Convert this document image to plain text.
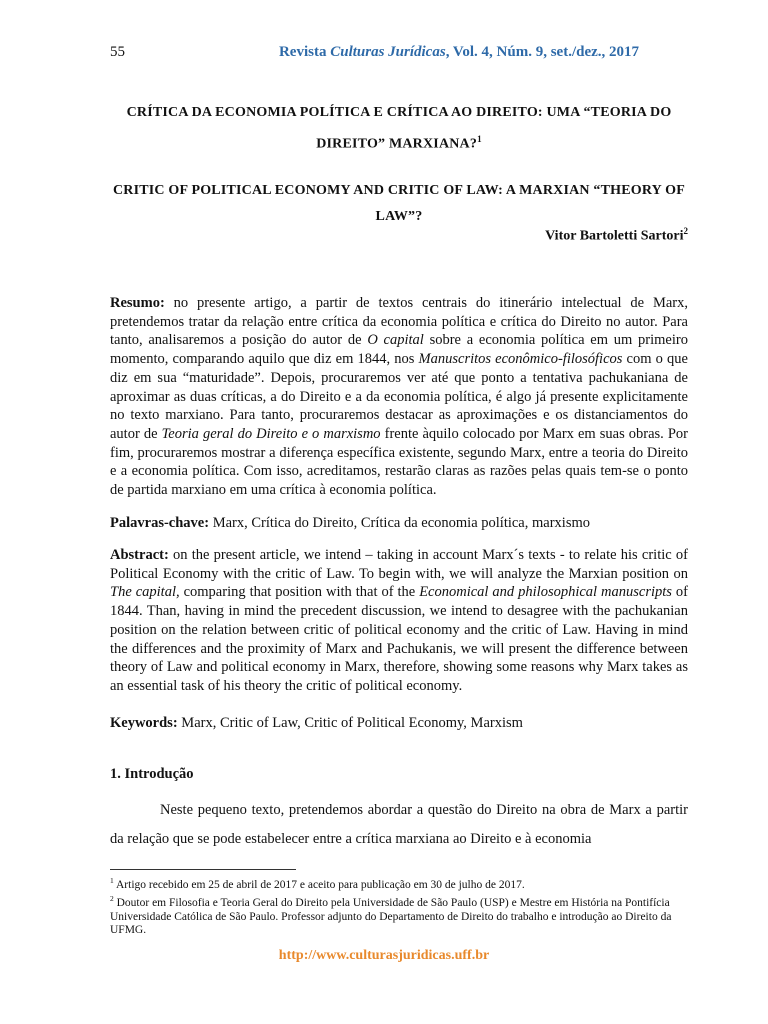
55	Revista Culturas Jurídicas, Vol. 4, Núm. 9, set./dez., 2017
CRÍTICA DA ECONOMIA POLÍTICA E CRÍTICA AO DIREITO: UMA “TEORIA DO DIREITO” MARXIANA?$^1$
CRITIC OF POLITICAL ECONOMY AND CRITIC OF LAW: A MARXIAN “THEORY OF LAW”?
Vitor Bartoletti Sartori$^2$
Resumo: no presente artigo, a partir de textos centrais do itinerário intelectual de Marx, pretendemos tratar da relação entre crítica da economia política e crítica do Direito no autor. Para tanto, analisaremos a posição do autor de O capital sobre a economia política em um primeiro momento, comparando aquilo que diz em 1844, nos Manuscritos econômico-filosóficos com o que diz em sua “maturidade”. Depois, procuraremos ver até que ponto a tentativa pachukaniana de aproximar as duas críticas, a do Direito e a da economia política, é algo já presente explicitamente no texto marxiano. Para tanto, procuraremos destacar as aproximações e os distanciamentos do autor de Teoria geral do Direito e o marxismo frente àquilo colocado por Marx em suas obras. Por fim, procuraremos mostrar a diferença específica existente, segundo Marx, entre a teoria do Direito e a economia política. Com isso, acreditamos, restarão claras as razões pelas quais tem-se o ponto de partida marxiano em uma crítica à economia política.
Palavras-chave: Marx, Crítica do Direito, Crítica da economia política, marxismo
Abstract: on the present article, we intend – taking in account Marx´s texts - to relate his critic of Political Economy with the critic of Law. To begin with, we will analyze the Marxian position on The capital, comparing that position with that of the Economical and philosophical manuscripts of 1844. Than, having in mind the precedent discussion, we intend to desagree with the pachukanian position on the relation between critic of political economy and the critic of Law. Having in mind the differences and the proximity of Marx and Pachukanis, we will present the difference between theory of Law and political economy in Marx, therefore, showing some reasons why Marx takes as an essential task of his theory the critic of political economy.
Keywords: Marx, Critic of Law, Critic of Political Economy, Marxism
1. Introdução
Neste pequeno texto, pretendemos abordar a questão do Direito na obra de Marx a partir da relação que se pode estabelecer entre a crítica marxiana ao Direito e à economia
$^1$ Artigo recebido em 25 de abril de 2017 e aceito para publicação em 30 de julho de 2017.
$^2$ Doutor em Filosofia e Teoria Geral do Direito pela Universidade de São Paulo (USP) e Mestre em História na Pontifícia Universidade Católica de São Paulo. Professor adjunto do Departamento de Direito do trabalho e introdução ao Direito da UFMG.
http://www.culturasjuridicas.uff.br
